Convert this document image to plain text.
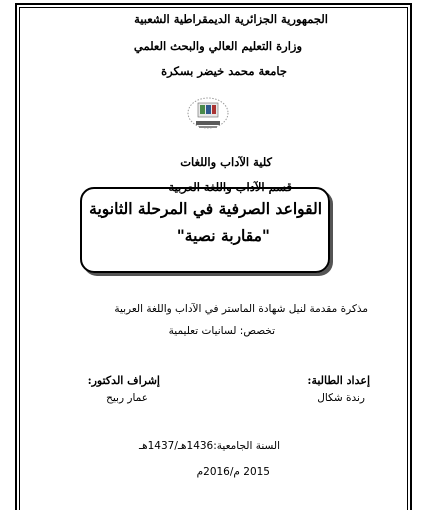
الجمهورية الجزائرية الديمقراطية الشعبية
وزارة التعليم العالي والبحث العلمي
جامعة محمد خيضر بسكرة
كلية الآداب واللغات
قسم الآداب واللغة العربية
القواعد الصرفية في المرحلة الثانوية
"مقاربة نصية"
مذكرة مقدمة لنيل شهادة الماستر في الآداب واللغة العربية
تخصص: لسانيات تعليمية
إعداد الطالبة:
رندة شكال
إشراف الدكتور:
عمار ربيح
السنة الجامعية:1436هـ/1437هـ
2015 م/2016م
